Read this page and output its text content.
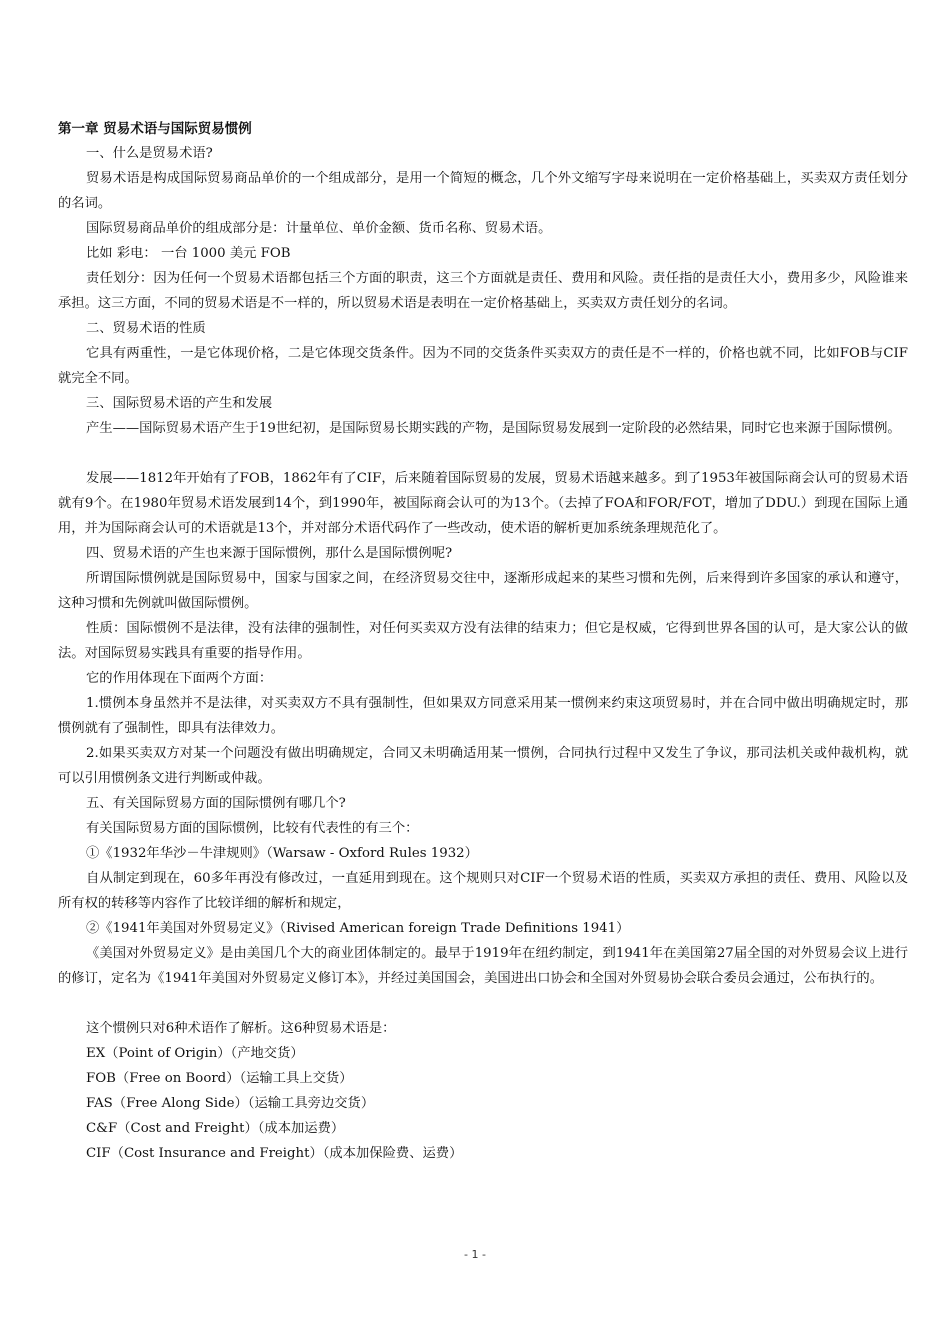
第一章 贸易术语与国际贸易惯例

一、什么是贸易术语?

贸易术语是构成国际贸易商品单价的一个组成部分，是用一个简短的概念，几个外文缩写字母来说明在一定价格基础上，买卖双方责任划分的名词。

国际贸易商品单价的组成部分是：计量单位、单价金额、货币名称、贸易术语。

比如 彩电： 一台 1000 美元 FOB

责任划分：因为任何一个贸易术语都包括三个方面的职责，这三个方面就是责任、费用和风险。责任指的是责任大小，费用多少，风险谁来承担。这三方面，不同的贸易术语是不一样的，所以贸易术语是表明在一定价格基础上，买卖双方责任划分的名词。

二、贸易术语的性质

它具有两重性，一是它体现价格，二是它体现交货条件。因为不同的交货条件买卖双方的责任是不一样的，价格也就不同，比如FOB与CIF就完全不同。

三、国际贸易术语的产生和发展

产生——国际贸易术语产生于19世纪初，是国际贸易长期实践的产物，是国际贸易发展到一定阶段的必然结果，同时它也来源于国际惯例。

发展——1812年开始有了FOB，1862年有了CIF，后来随着国际贸易的发展，贸易术语越来越多。到了1953年被国际商会认可的贸易术语就有9个。在1980年贸易术语发展到14个，到1990年，被国际商会认可的为13个。（去掉了FOA和FOR/FOT，增加了DDU.）到现在国际上通用，并为国际商会认可的术语就是13个，并对部分术语代码作了一些改动，使术语的解析更加系统条理规范化了。

四、贸易术语的产生也来源于国际惯例，那什么是国际惯例呢?

所谓国际惯例就是国际贸易中，国家与国家之间，在经济贸易交往中，逐渐形成起来的某些习惯和先例，后来得到许多国家的承认和遵守，这种习惯和先例就叫做国际惯例。

性质：国际惯例不是法律，没有法律的强制性，对任何买卖双方没有法律的结束力；但它是权威，它得到世界各国的认可，是大家公认的做法。对国际贸易实践具有重要的指导作用。

它的作用体现在下面两个方面：

1.惯例本身虽然并不是法律，对买卖双方不具有强制性，但如果双方同意采用某一惯例来约束这项贸易时，并在合同中做出明确规定时，那惯例就有了强制性，即具有法律效力。

2.如果买卖双方对某一个问题没有做出明确规定，合同又未明确适用某一惯例，合同执行过程中又发生了争议，那司法机关或仲裁机构，就可以引用惯例条文进行判断或仲裁。

五、有关国际贸易方面的国际惯例有哪几个?

有关国际贸易方面的国际惯例，比较有代表性的有三个：

①《1932年华沙－牛津规则》（Warsaw - Oxford Rules 1932）

自从制定到现在，60多年再没有修改过，一直延用到现在。这个规则只对CIF一个贸易术语的性质，买卖双方承担的责任、费用、风险以及所有权的转移等内容作了比较详细的解析和规定，

②《1941年美国对外贸易定义》（Rivised American foreign Trade Definitions 1941）

《美国对外贸易定义》是由美国几个大的商业团体制定的。最早于1919年在纽约制定，到1941年在美国第27届全国的对外贸易会议上进行的修订，定名为《1941年美国对外贸易定义修订本》，并经过美国国会，美国进出口协会和全国对外贸易协会联合委员会通过，公布执行的。

这个惯例只对6种术语作了解析。这6种贸易术语是：

EX（Point of Origin）（产地交货）

FOB（Free on Boord）（运输工具上交货）

FAS（Free Along Side）（运输工具旁边交货）

C&F（Cost and Freight）（成本加运费）

CIF（Cost Insurance and Freight）（成本加保险费、运费）

- 1 -
